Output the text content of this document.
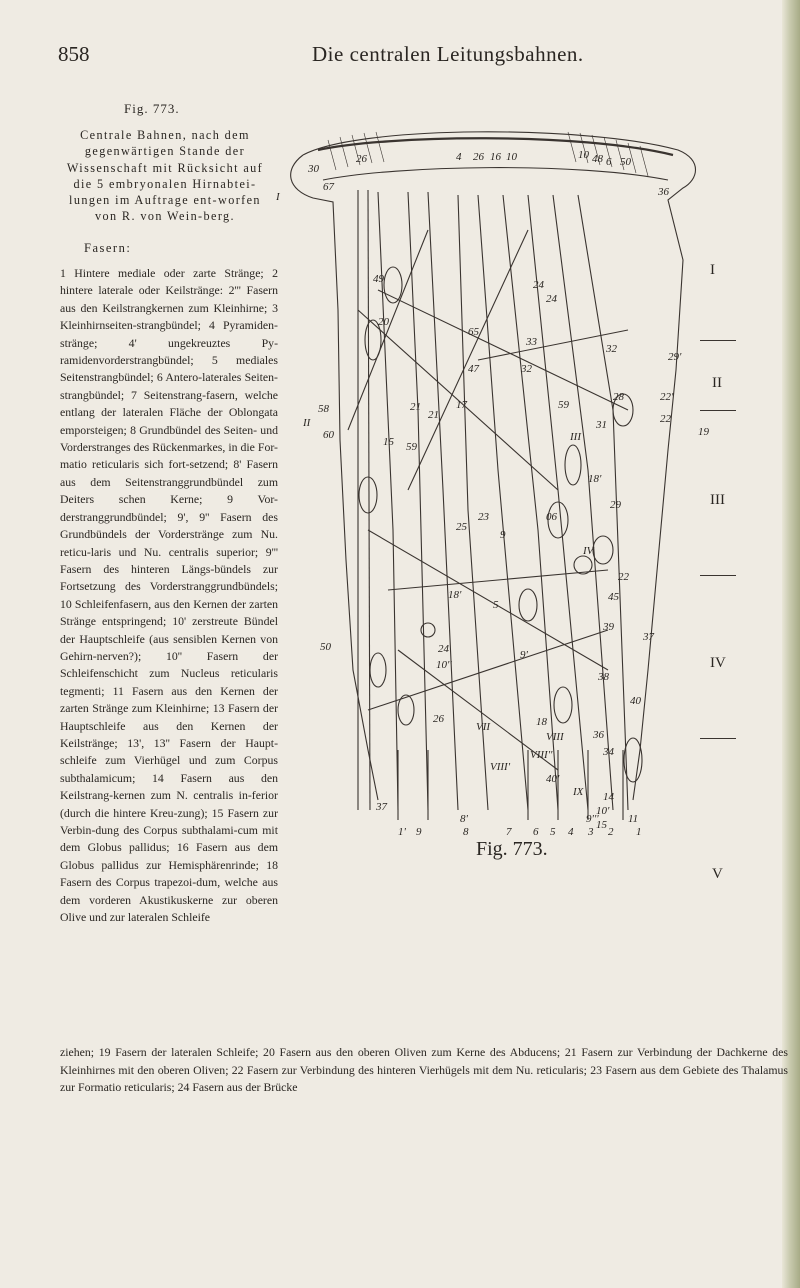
858	Die centralen Leitungsbahnen.
Fig. 773.
Centrale Bahnen, nach dem gegenwärtigen Stande der Wissenschaft mit Rücksicht auf die 5 embryonalen Hirnabtei-lungen im Auftrage ent-worfen von R. von Wein-berg.
Fasern:
1 Hintere mediale oder zarte Stränge; 2 hintere laterale oder Keilstränge: 2''' Fasern aus den Keilstrangkernen zum Kleinhirne; 3 Kleinhirnseiten-strangbündel; 4 Pyramiden-stränge; 4' ungekreuztes Py-ramidenvorderstrangbündel; 5 mediales Seitenstrangbündel; 6 Antero-laterales Seiten-strangbündel; 7 Seitenstrang-fasern, welche entlang der lateralen Fläche der Oblongata emporsteigen; 8 Grundbündel des Seiten- und Vorderstranges des Rückenmarkes, in die For-matio reticularis sich fort-setzend; 8' Fasern aus dem Seitenstranggrundbündel zum Deiters schen Kerne; 9 Vor-derstranggrundbündel; 9', 9'' Fasern des Grundbündels der Vorderstränge zum Nu. reticu-laris und Nu. centralis superior; 9''' Fasern des hinteren Längs-bündels zur Fortsetzung des Vorderstranggrundbündels; 10 Schleifenfasern, aus den Kernen der zarten Stränge entspringend; 10' zerstreute Bündel der Hauptschleife (aus sensiblen Kernen von Gehirn-nerven?); 10'' Fasern der Schleifenschicht zum Nucleus reticularis tegmenti; 11 Fasern aus den Kernen der zarten Stränge zum Kleinhirne; 13 Fasern der Hauptschleife aus den Kernen der Keilstränge; 13', 13'' Fasern der Haupt-schleife zum Vierhügel und zum Corpus subthalamicum; 14 Fasern aus den Keilstrang-kernen zum N. centralis in-ferior (durch die hintere Kreu-zung); 15 Fasern zur Verbin-dung des Corpus subthalami-cum mit dem Globus pallidus; 16 Fasern aus dem Globus pallidus zur Hemisphärenrinde; 18 Fasern des Corpus trapezoi-dum, welche aus dem vorderen Akustikuskerne zur oberen Olive und zur lateralen Schleife
26	26 16 10	10 48 6 50
67
30
I
4
36
49	24
24
20
65
33
29'
32
32
47
28	22'
58
II
60
17
21
21	22
59
59
19
III
31
15
18'
29
23	06
9
25
IV
22
45
18'
5
39
37
50	24
10''
9'
38
40
26
VII	18
VIII	36
34
VIII'
VIII''
40'
IX
37
8'	9'''	11
14
10'
15
1' 9	8	7 6 5 4 3 2 1
I
II
III
IV
V
Fig. 773.
ziehen; 19 Fasern der lateralen Schleife; 20 Fasern aus den oberen Oliven zum Kerne des Abducens; 21 Fasern zur Verbindung der Dachkerne des Kleinhirnes mit den oberen Oliven; 22 Fasern zur Verbindung des hinteren Vierhügels mit dem Nu. reticularis; 23 Fasern aus dem Gebiete des Thalamus zur Formatio reticularis; 24 Fasern aus der Brücke
